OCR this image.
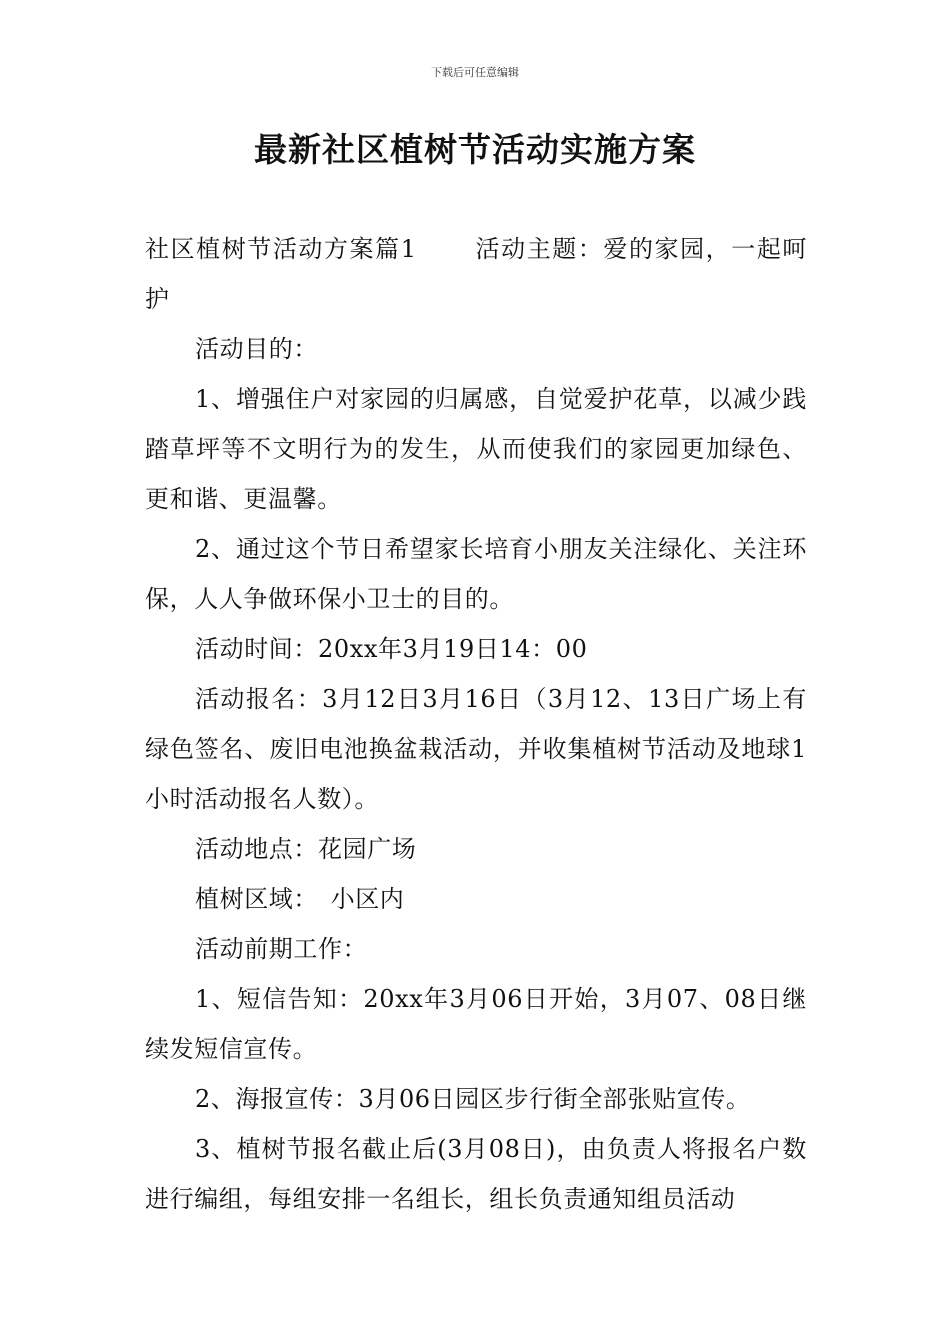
下载后可任意编辑
最新社区植树节活动实施方案

社区植树节活动方案篇1 活动主题：爱的家园，一起呵护

活动目的：

1、增强住户对家园的归属感，自觉爱护花草，以减少践踏草坪等不文明行为的发生，从而使我们的家园更加绿色、更和谐、更温馨。

2、通过这个节日希望家长培育小朋友关注绿化、关注环保，人人争做环保小卫士的目的。

活动时间：20xx年3月19日14：00

活动报名：3月12日3月16日（3月12、13日广场上有绿色签名、废旧电池换盆栽活动，并收集植树节活动及地球1小时活动报名人数）。

活动地点：花园广场

植树区域：　小区内

活动前期工作：

1、短信告知：20xx年3月06日开始，3月07、08日继续发短信宣传。

2、海报宣传：3月06日园区步行街全部张贴宣传。

3、植树节报名截止后(3月08日)，由负责人将报名户数进行编组，每组安排一名组长，组长负责通知组员活动
